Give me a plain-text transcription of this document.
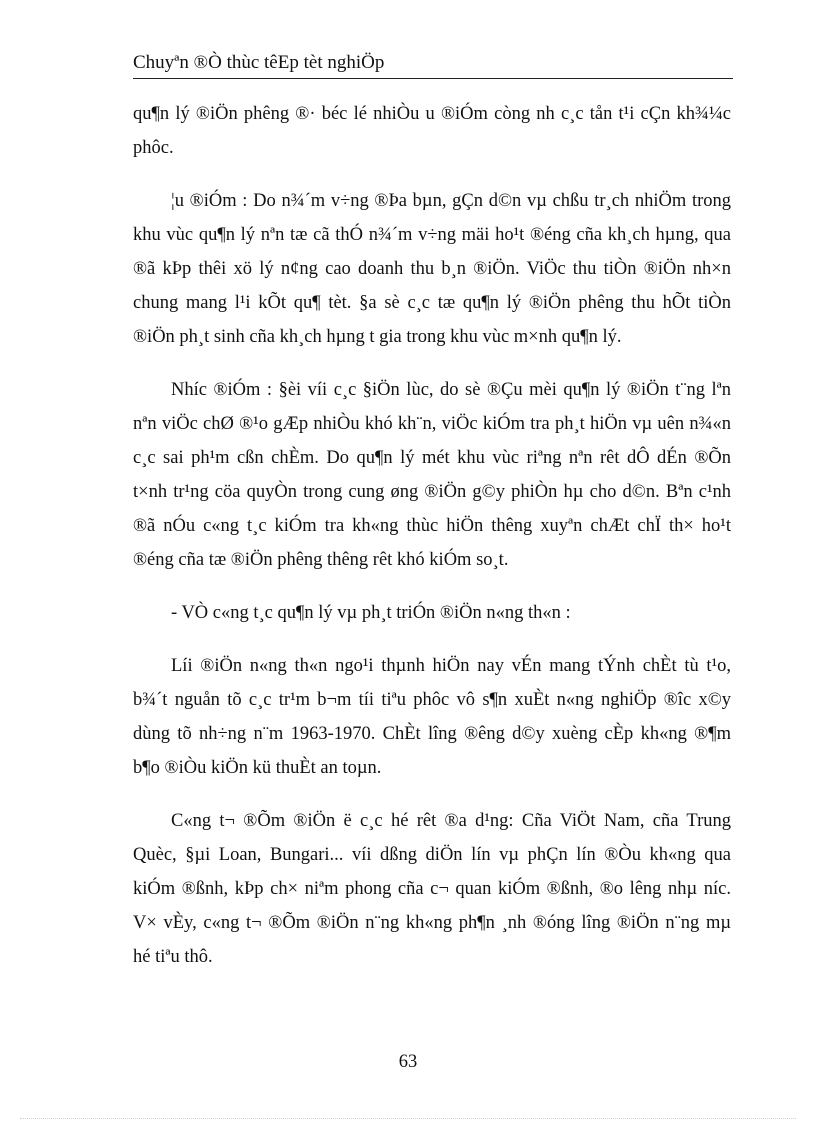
Chuyªn ®Ò thùc têEp tèt nghiÖp

qu¶n lý ®iÖn phêng ®· béc lé nhiÒu u ®iÓm còng nh c¸c tån t¹i cÇn kh¾¼c
phôc.

¦u ®iÓm : Do n¾´m v÷ng ®Þa bµn, gÇn d©n vµ chßu tr¸ch nhiÖm trong
khu vùc qu¶n lý nªn tæ cã thÓ n¾´m v÷ng mäi ho¹t ®éng cña kh¸ch hµng, qua
®ã kÞp thêi xö lý n¢ng cao doanh thu b¸n ®iÖn. ViÖc thu tiÒn ®iÖn nh×n
chung mang l¹i kÕt qu¶ tèt. §a sè c¸c tæ qu¶n lý ®iÖn phêng thu hÕt tiÒn
®iÖn ph¸t sinh cña kh¸ch hµng t gia trong khu vùc m×nh qu¶n lý.

Nhíc ®iÓm : §èi víi c¸c §iÖn lùc, do sè ®Çu mèi qu¶n lý ®iÖn t¨ng lªn
nªn viÖc chØ ®¹o gÆp nhiÒu khó kh¨n, viÖc kiÓm tra ph¸t hiÖn vµ uên n¾«n
c¸c sai ph¹m cßn chÈm. Do qu¶n lý mét khu vùc riªng nªn rêt dÔ dÉn ®Õn
t×nh tr¹ng cöa quyÒn trong cung øng ®iÖn g©y phiÒn hµ cho d©n. Bªn c¹nh
®ã nÓu c«ng t¸c kiÓm tra kh«ng thùc hiÖn thêng xuyªn chÆt chÏ th× ho¹t
®éng cña tæ ®iÖn phêng thêng rêt khó kiÓm so¸t.

- VÒ c«ng t¸c qu¶n lý vµ ph¸t triÓn ®iÖn n«ng th«n :

Líi ®iÖn n«ng th«n ngo¹i thµnh hiÖn nay vÉn mang tÝnh chÈt tù t¹o,
b¾´t nguån tõ c¸c tr¹m b¬m tíi tiªu phôc vô s¶n xuÈt n«ng nghiÖp ®îc x©y
dùng tõ nh÷ng n¨m 1963-1970. ChÈt lîng ®êng d©y xuèng cÈp kh«ng ®¶m
b¶o ®iÒu kiÖn kü thuÈt an toµn.

C«ng t¬ ®Õm ®iÖn ë c¸c hé rêt ®a d¹ng: Cña ViÖt Nam, cña Trung
Quèc, §µi Loan, Bungari... víi dßng diÖn lín vµ phÇn lín ®Òu kh«ng qua
kiÓm ®ßnh, kÞp ch× niªm phong cña c¬ quan kiÓm ®ßnh, ®o lêng nhµ níc.
V× vÈy, c«ng t¬ ®Õm ®iÖn n¨ng kh«ng ph¶n ¸nh ®óng lîng ®iÖn n¨ng mµ
hé tiªu thô.

63
